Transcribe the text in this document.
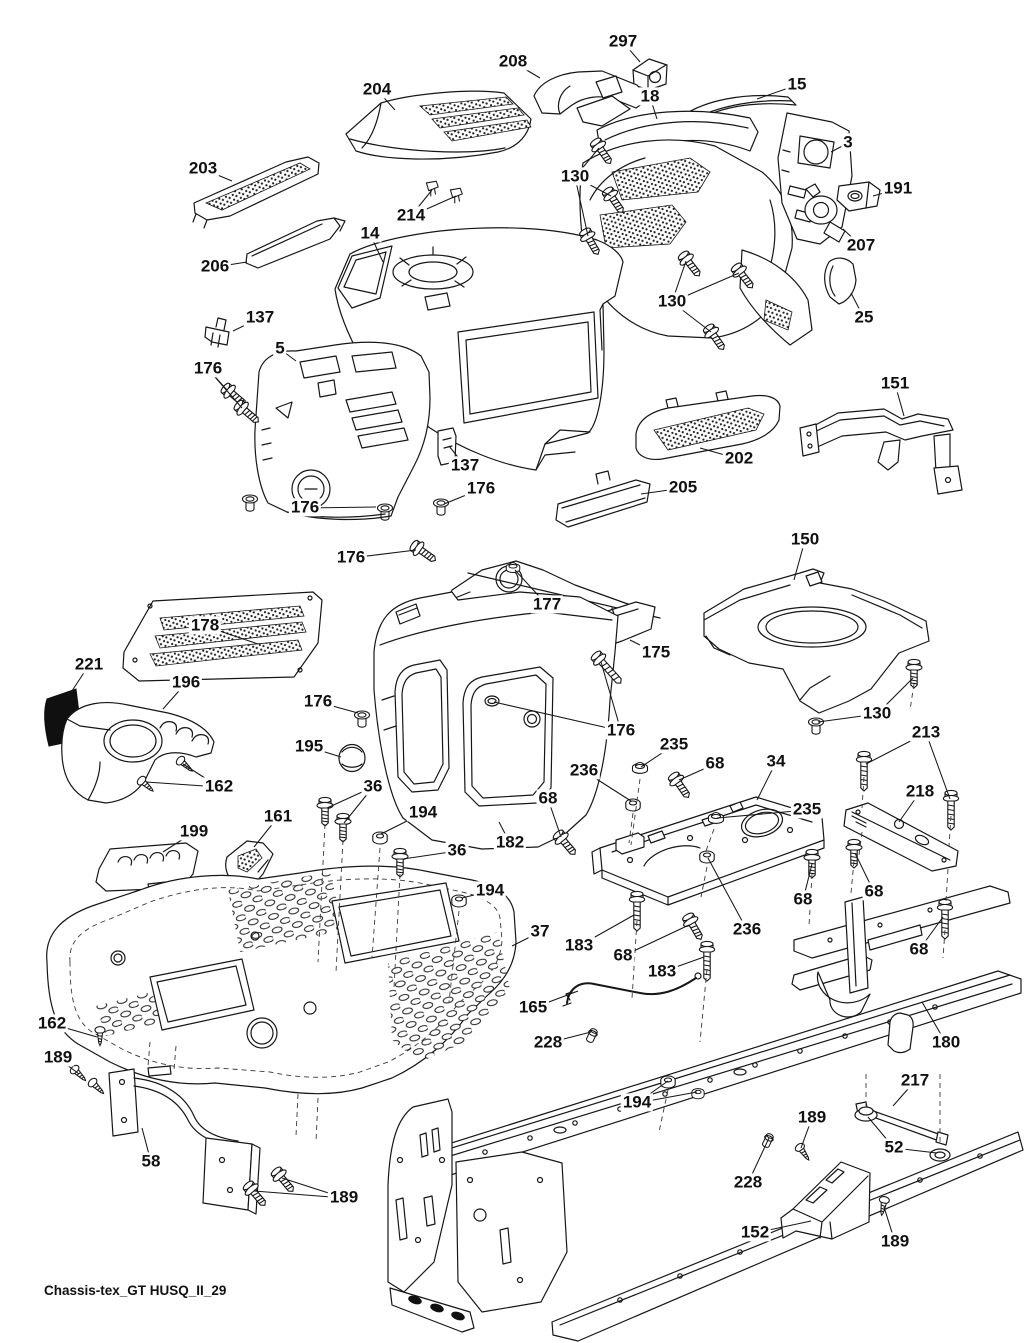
297
208
204	18
15
3
203	130
191
214
206
14
207
130
25
137
5
176
151
202
137
176	205
176
150
176
177
178
175
221
196
176
130
176	213
235
195
34
68
236
162	36	218
68
235
194
161
199
182
36
194	68
68
236
37
183	68
68
183
165
162
228	180
189
217
194
189
52
58
228
189
152	189
Chassis-tex_GT HUSQ_II_29
